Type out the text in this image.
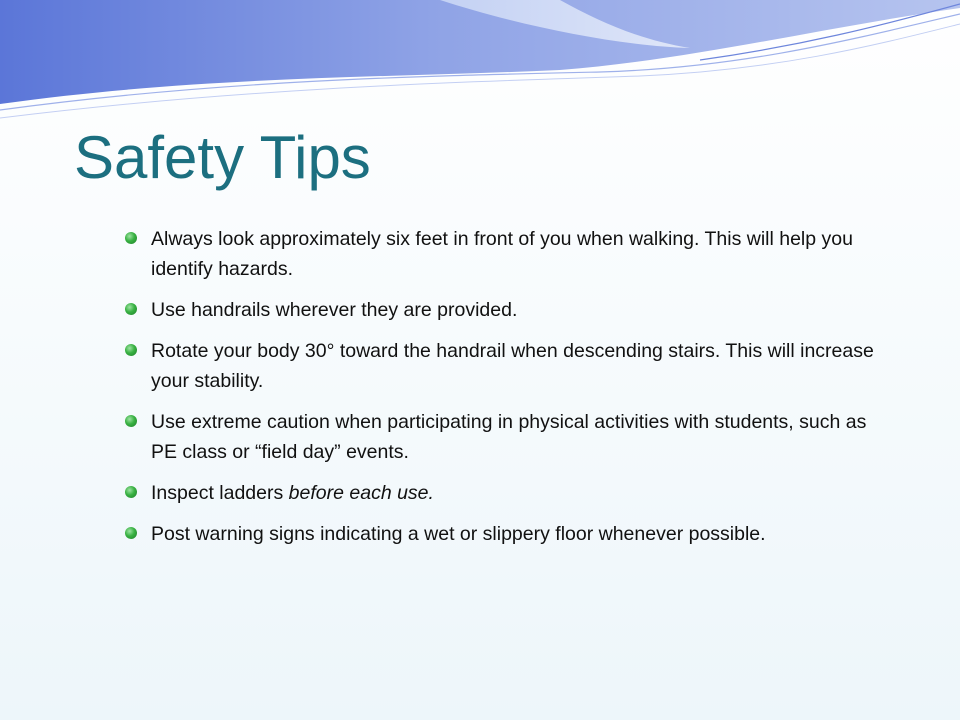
Safety Tips
Always look approximately six feet in front of you when walking. This will help you identify hazards.
Use handrails wherever they are provided.
Rotate your body 30° toward the handrail when descending stairs. This will increase your stability.
Use extreme caution when participating in physical activities with students, such as PE class or “field day” events.
Inspect ladders before each use.
Post warning signs indicating a wet or slippery floor whenever possible.
